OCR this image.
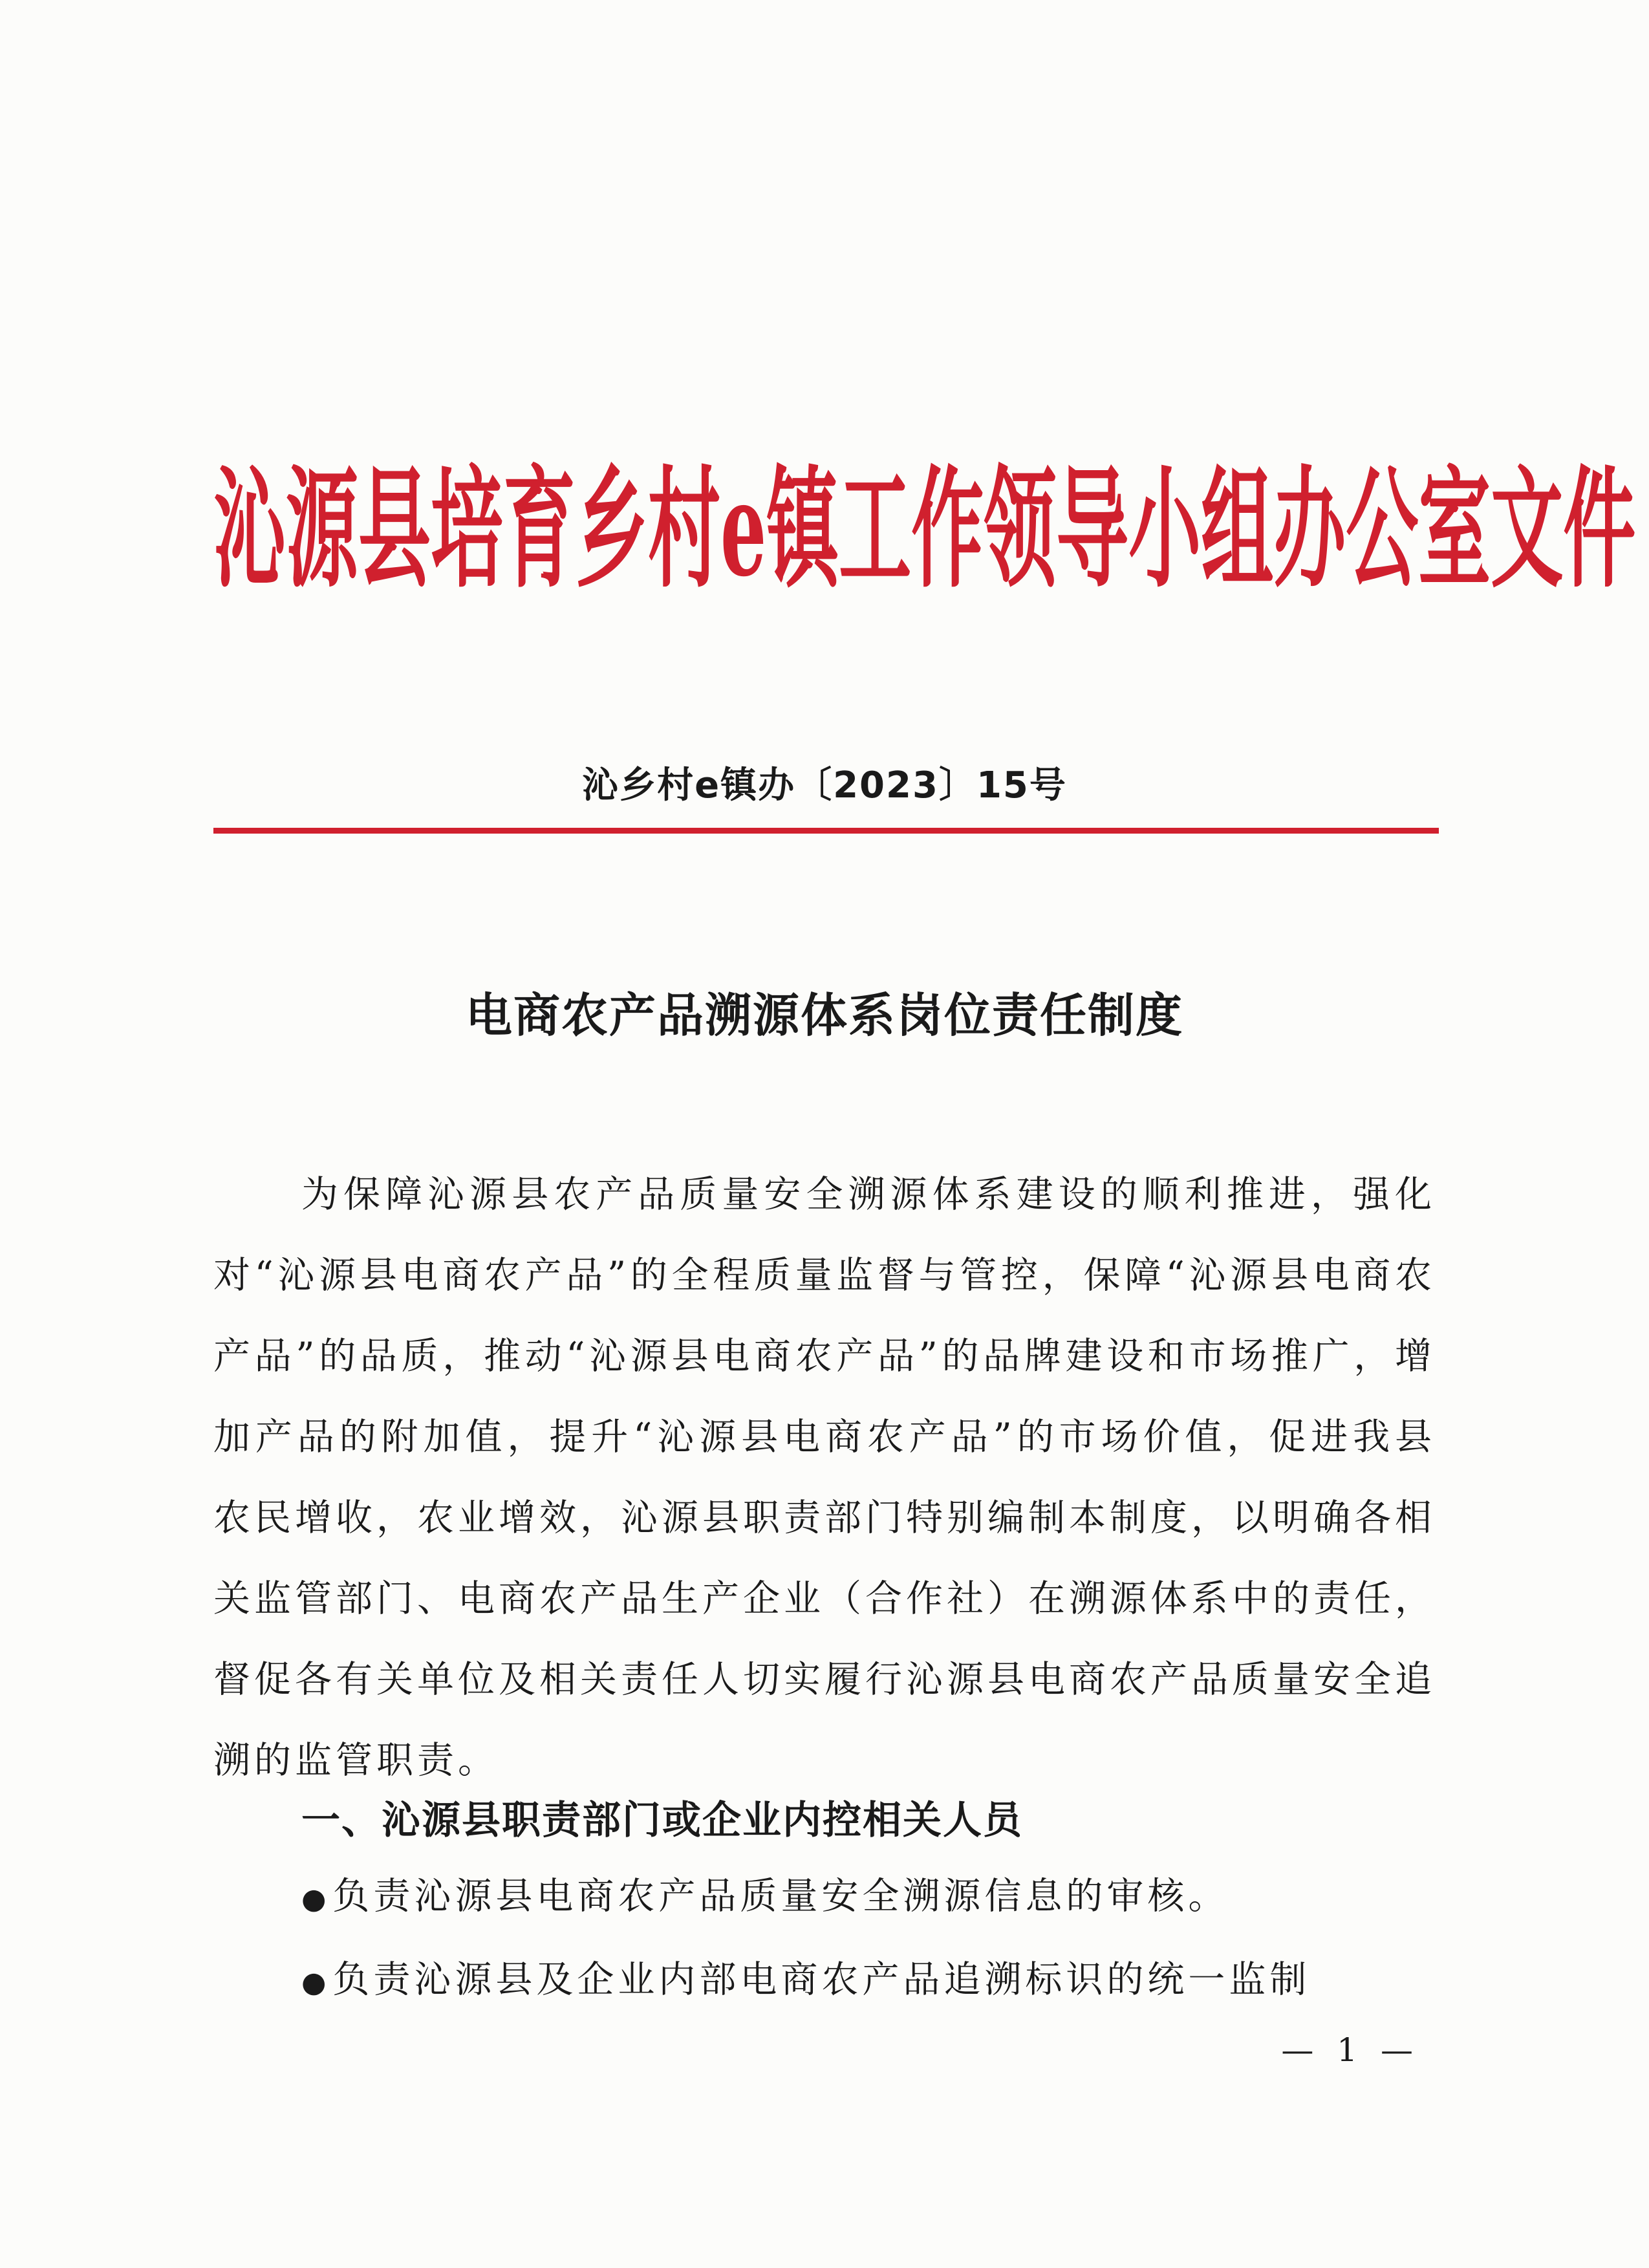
沁源县培育乡村e镇工作领导小组办公室文件
沁乡村e镇办〔2023〕15号
电商农产品溯源体系岗位责任制度

为保障沁源县农产品质量安全溯源体系建设的顺利推进，强化对“沁源县电商农产品”的全程质量监督与管控，保障“沁源县电商农产品”的品质，推动“沁源县电商农产品”的品牌建设和市场推广，增加产品的附加值，提升“沁源县电商农产品”的市场价值，促进我县农民增收，农业增效，沁源县职责部门特别编制本制度，以明确各相关监管部门、电商农产品生产企业（合作社）在溯源体系中的责任，督促各有关单位及相关责任人切实履行沁源县电商农产品质量安全追溯的监管职责。

一、沁源县职责部门或企业内控相关人员
●负责沁源县电商农产品质量安全溯源信息的审核。
●负责沁源县及企业内部电商农产品追溯标识的统一监制
— 1 —
